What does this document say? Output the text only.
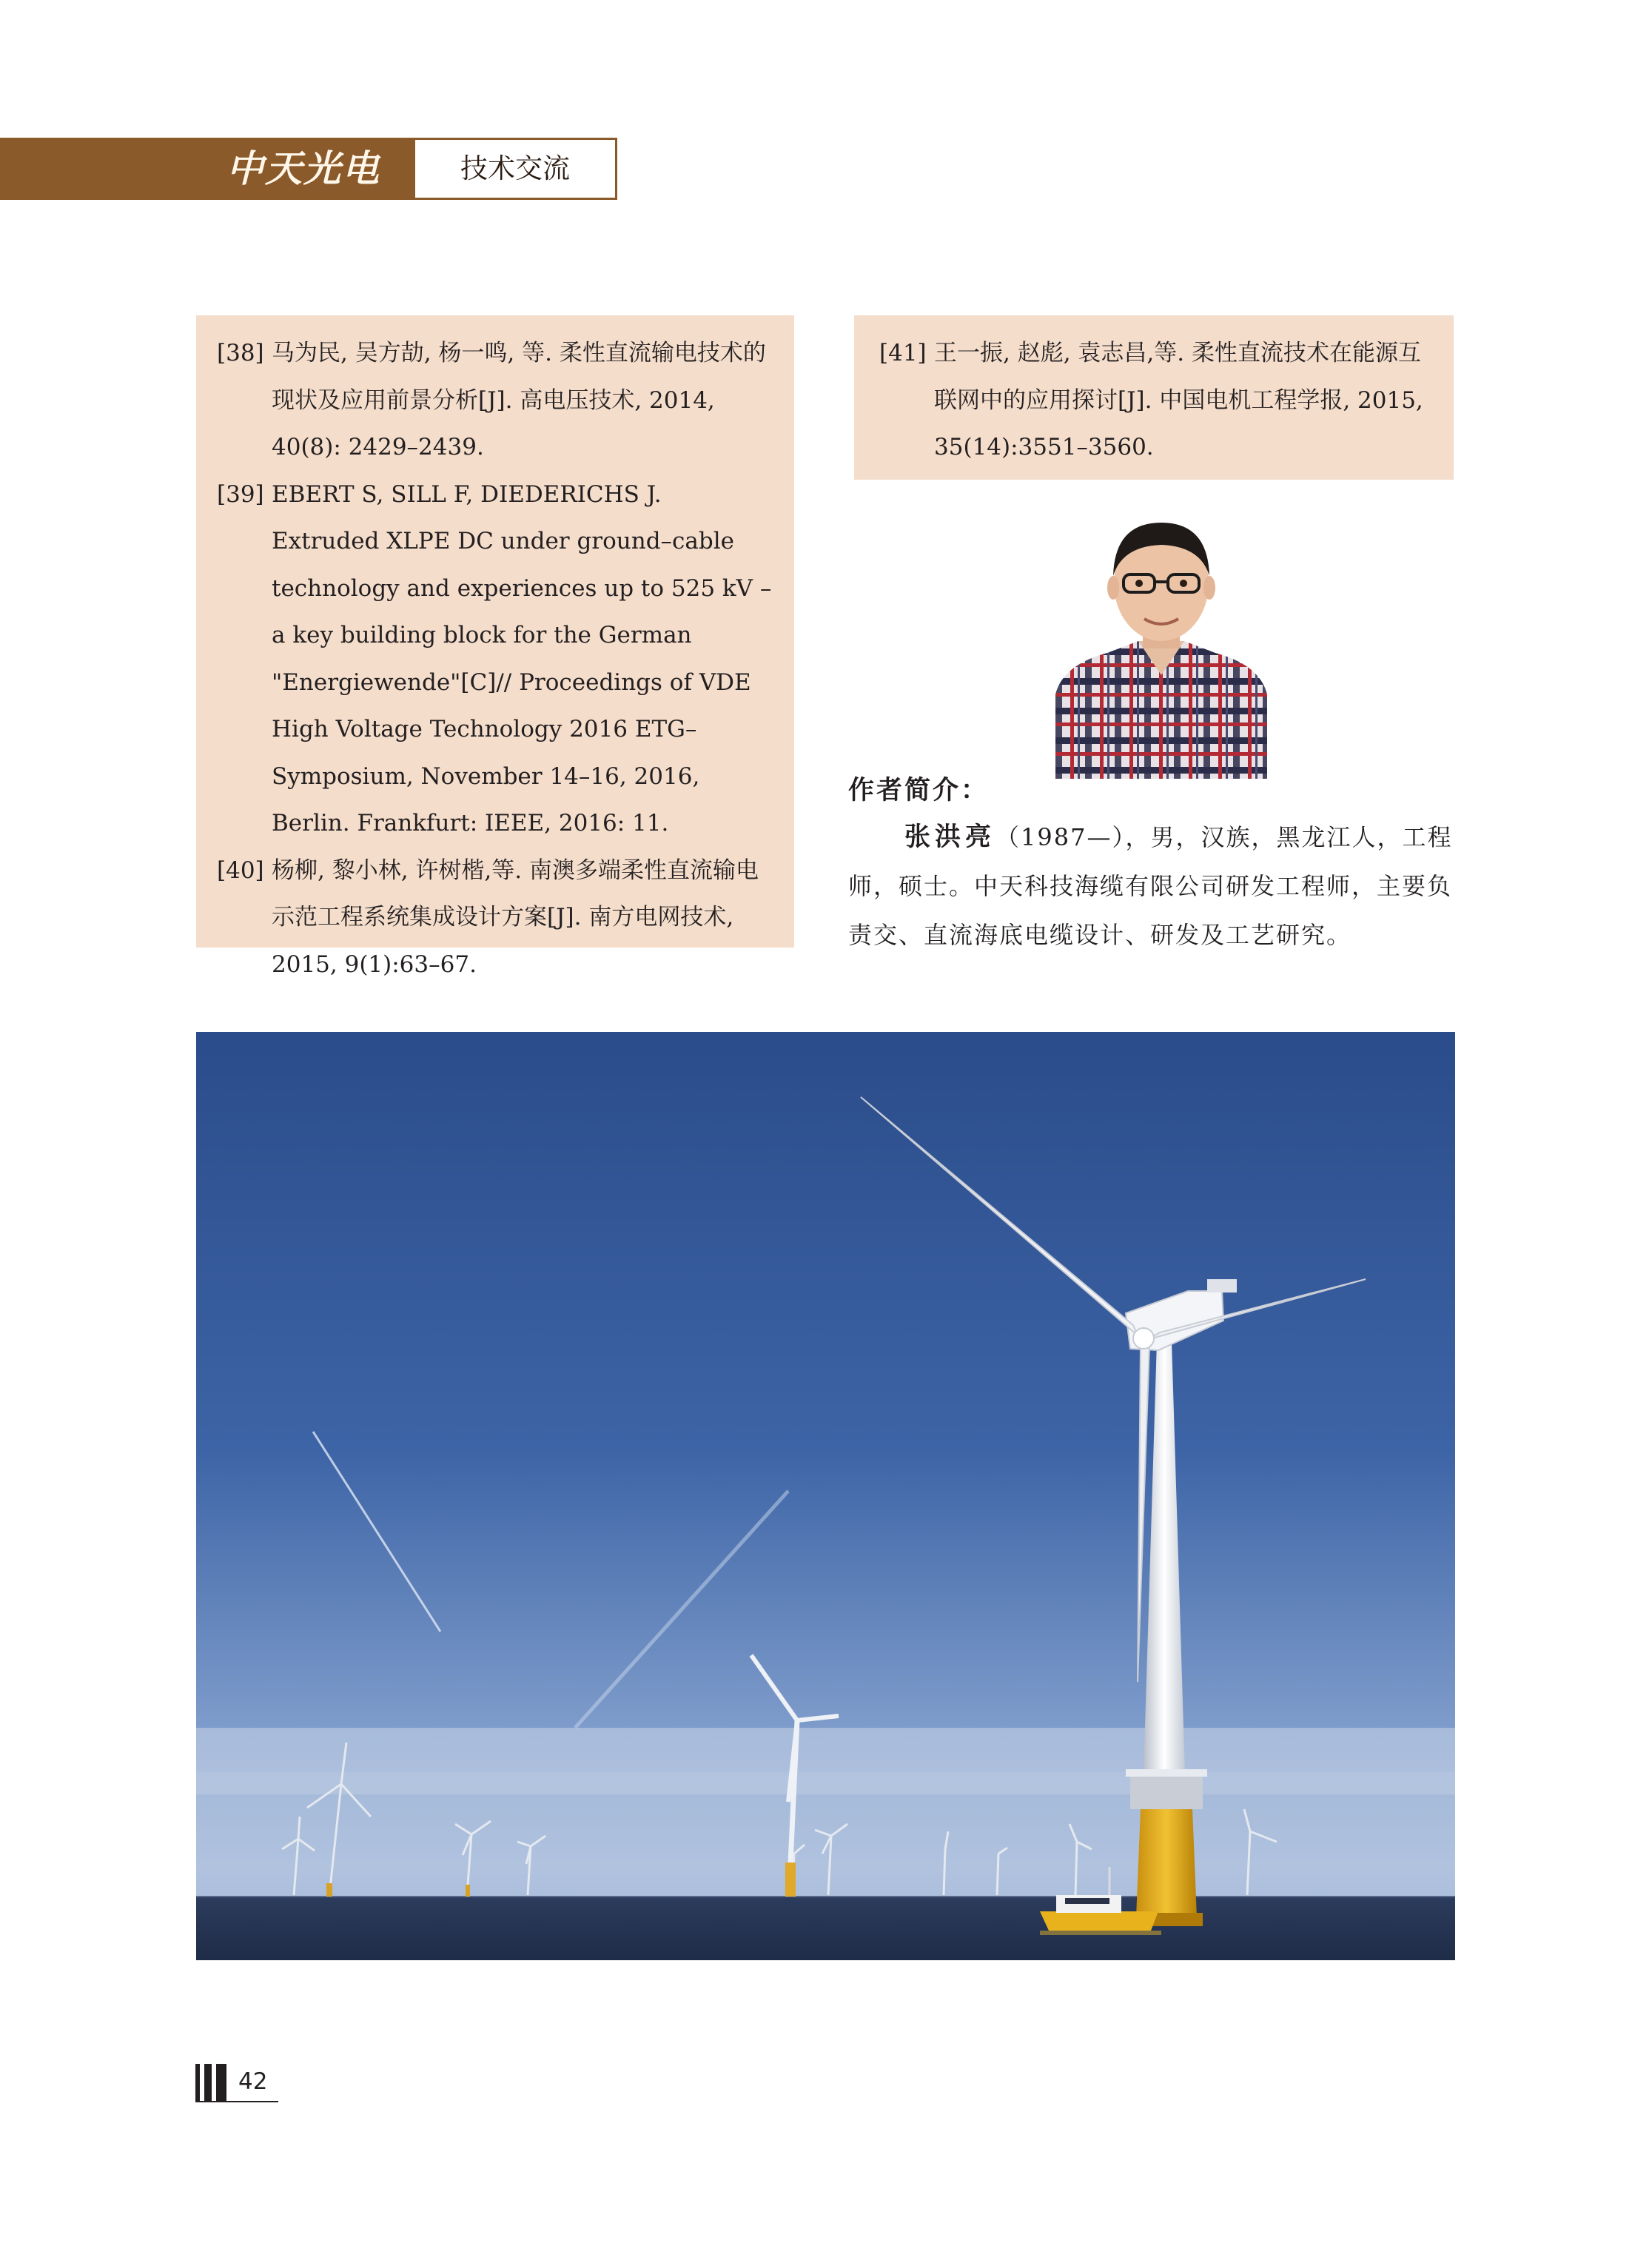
中天光电	技术交流
[38] 马为民, 吴方劼, 杨一鸣, 等. 柔性直流输电技术的现状及应用前景分析[J]. 高电压技术, 2014, 40(8): 2429–2439.
[39] EBERT S, SILL F, DIEDERICHS J. Extruded XLPE DC under ground–cable technology and experiences up to 525 kV – a key building block for the German "Energiewende"[C]// Proceedings of VDE High Voltage Technology 2016 ETG–Symposium, November 14–16, 2016, Berlin. Frankfurt: IEEE, 2016: 11.
[40] 杨柳, 黎小林, 许树楷,等. 南澳多端柔性直流输电示范工程系统集成设计方案[J]. 南方电网技术, 2015, 9(1):63–67.
[41] 王一振, 赵彪, 袁志昌,等. 柔性直流技术在能源互联网中的应用探讨[J]. 中国电机工程学报, 2015, 35(14):3551–3560.
作者简介：
张洪亮（1987—），男，汉族，黑龙江人，工程师，硕士。中天科技海缆有限公司研发工程师，主要负责交、直流海底电缆设计、研发及工艺研究。
42
